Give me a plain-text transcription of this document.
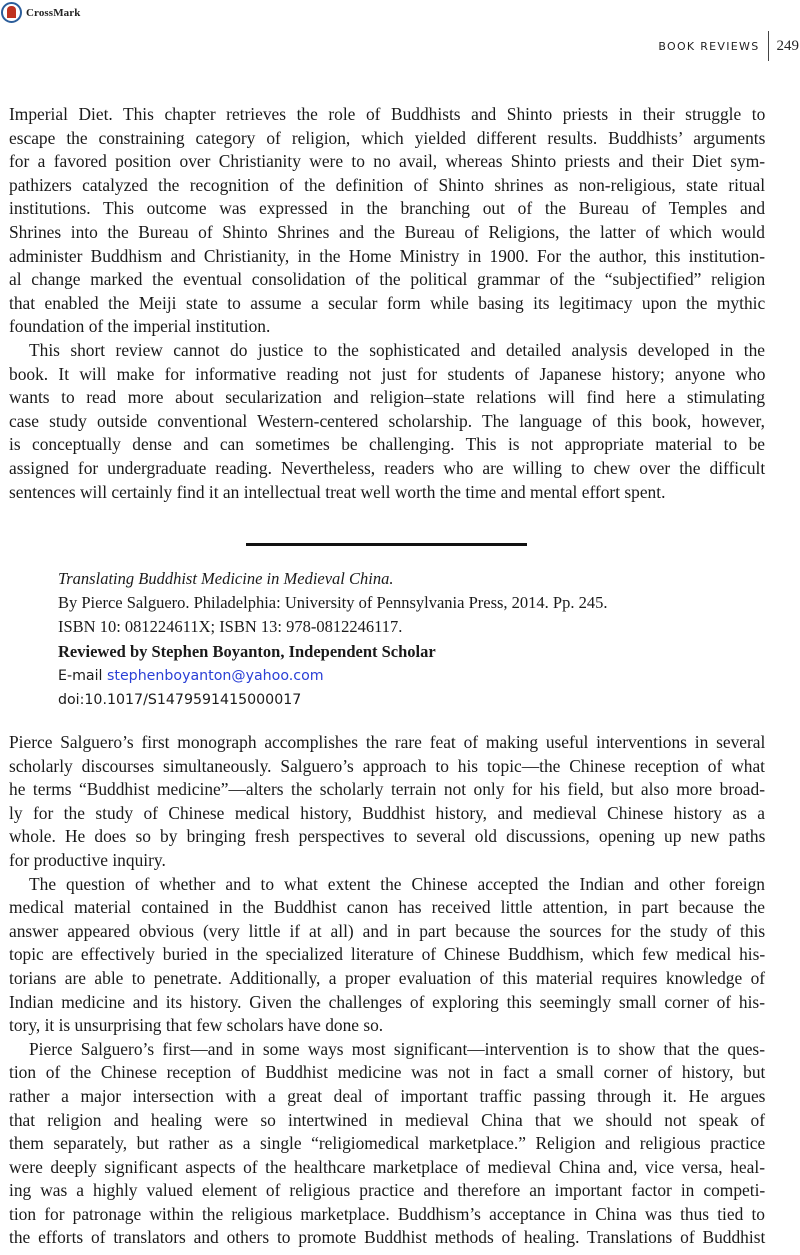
CrossMark
BOOK REVIEWS	249

Imperial Diet. This chapter retrieves the role of Buddhists and Shinto priests in their struggle to
escape the constraining category of religion, which yielded different results. Buddhists’ arguments
for a favored position over Christianity were to no avail, whereas Shinto priests and their Diet sym-
pathizers catalyzed the recognition of the definition of Shinto shrines as non-religious, state ritual
institutions. This outcome was expressed in the branching out of the Bureau of Temples and
Shrines into the Bureau of Shinto Shrines and the Bureau of Religions, the latter of which would
administer Buddhism and Christianity, in the Home Ministry in 1900. For the author, this institution-
al change marked the eventual consolidation of the political grammar of the “subjectified” religion
that enabled the Meiji state to assume a secular form while basing its legitimacy upon the mythic
foundation of the imperial institution.

This short review cannot do justice to the sophisticated and detailed analysis developed in the
book. It will make for informative reading not just for students of Japanese history; anyone who
wants to read more about secularization and religion–state relations will find here a stimulating
case study outside conventional Western-centered scholarship. The language of this book, however,
is conceptually dense and can sometimes be challenging. This is not appropriate material to be
assigned for undergraduate reading. Nevertheless, readers who are willing to chew over the difficult
sentences will certainly find it an intellectual treat well worth the time and mental effort spent.

Translating Buddhist Medicine in Medieval China.
By Pierce Salguero. Philadelphia: University of Pennsylvania Press, 2014. Pp. 245.
ISBN 10: 081224611X; ISBN 13: 978-0812246117.
Reviewed by Stephen Boyanton, Independent Scholar
E-mail stephenboyanton@yahoo.com
doi:10.1017/S1479591415000017

Pierce Salguero’s first monograph accomplishes the rare feat of making useful interventions in several
scholarly discourses simultaneously. Salguero’s approach to his topic—the Chinese reception of what
he terms “Buddhist medicine”—alters the scholarly terrain not only for his field, but also more broad-
ly for the study of Chinese medical history, Buddhist history, and medieval Chinese history as a
whole. He does so by bringing fresh perspectives to several old discussions, opening up new paths
for productive inquiry.

The question of whether and to what extent the Chinese accepted the Indian and other foreign
medical material contained in the Buddhist canon has received little attention, in part because the
answer appeared obvious (very little if at all) and in part because the sources for the study of this
topic are effectively buried in the specialized literature of Chinese Buddhism, which few medical his-
torians are able to penetrate. Additionally, a proper evaluation of this material requires knowledge of
Indian medicine and its history. Given the challenges of exploring this seemingly small corner of his-
tory, it is unsurprising that few scholars have done so.

Pierce Salguero’s first—and in some ways most significant—intervention is to show that the ques-
tion of the Chinese reception of Buddhist medicine was not in fact a small corner of history, but
rather a major intersection with a great deal of important traffic passing through it. He argues
that religion and healing were so intertwined in medieval China that we should not speak of
them separately, but rather as a single “religiomedical marketplace.” Religion and religious practice
were deeply significant aspects of the healthcare marketplace of medieval China and, vice versa, heal-
ing was a highly valued element of religious practice and therefore an important factor in competi-
tion for patronage within the religious marketplace. Buddhism’s acceptance in China was thus tied to
the efforts of translators and others to promote Buddhist methods of healing. Translations of Buddhist
